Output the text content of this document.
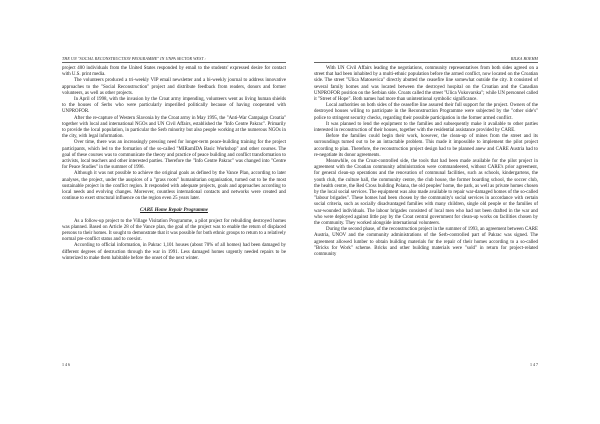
THE UN "SOCIAL RECONSTRUCTION PROGRAMME" IN UNPA SECTOR WEST :

project 400 individuals from the United States responded by email to the students' expressed desire for contact with U.S. print media.

The volunteers produced a tri-weekly VIP email newsletter and a bi-weekly journal to address innovative approaches to the "Social Reconstruction" project and distribute feedback from readers, donors and former volunteers, as well as other projects.

In April of 1998, with the invasion by the Croat army impending, volunteers went as living human shields to the houses of Serbs who were particularly imperilled politically because of having cooperated with UNPROFOR.

After the re-capture of Western Slavonia by the Croat army in May 1995, the "Anti-War Campaign Croatia" together with local and international NGOs and UN Civil Affairs, established the "Info Centre Pakrac". Primarily to provide the local population, in particular the Serb minority but also people working at the numerous NGOs in the city, with legal information.

Over time, there was an increasingly pressing need for longer-term peace-building training for the project participants, which led to the formation of the so-called "MIRamIDA Basic Workshop" and other courses. The goal of these courses was to communicate the theory and practice of peace building and conflict transformation to activists, local teachers and other interested parties. Therefore the "Info Centre Pakrac" was changed into "Centre for Peace Studies" in the summer of 1996.

Although it was not possible to achieve the original goals as defined by the Vance Plan, according to later analyses, the project, under the auspices of a "grass roots" humanitarian organisation, turned out to be the most sustainable project in the conflict region. It responded with adequate projects, goals and approaches according to local needs and evolving changes. Moreover, countless international contacts and networks were created and continue to exert structural influence on the region even 25 years later.

CARE Home Repair Programme

As a follow-up project to the Village Visitation Programme, a pilot project for rebuilding destroyed homes was planned. Based on Article 28 of the Vance plan, the goal of the project was to enable the return of displaced persons to their homes. It sought to demonstrate that it was possible for both ethnic groups to return to a relatively normal pre-conflict status and to coexist.

According to official information, in Pakrac 1,101 houses (about 70% of all homes) had been damaged by different degrees of destruction through the war in 1991. Less damaged homes urgently needed repairs to be winterized to make them habitable before the onset of the next winter.

1 4 6
RILKA BOEHM

With UN Civil Affairs leading the negotiations, community representatives from both sides agreed on a street that had been inhabited by a multi-ethnic population before the armed conflict, now located on the Croatian side. The street "Ulica Matosevica" directly abutted the ceasefire line somewhat outside the city. It consisted of several family homes and was located between the destroyed hospital on the Croatian and the Canadian UNPROFOR position on the Serbian side. Croats called the street "Ulica Vukovarska"; while UN personnel called it "Street of Hope". Both names had more than unintentional symbolic significance.

Local authorities on both sides of the ceasefire line assured their full support for the project. Owners of the destroyed houses willing to participate in the Reconstruction Programme were subjected by the "other side's" police to stringent security checks, regarding their possible participation in the former armed conflict.

It was planned to lend the equipment to the families and subsequently make it available to other parties interested in reconstruction of their houses, together with the residential assistance provided by CARE.

Before the families could begin their work, however, the clean-up of mines from the street and its surroundings turned out to be an intractable problem. This made it impossible to implement the pilot project according to plan. Therefore, the reconstruction project design had to be planned anew and CARE Austria had to re-negotiate its donor agreements.

Meanwhile, on the Croat-controlled side, the tools that had been made available for the pilot project in agreement with the Croatian community administration were commandeered, without CARE's prior agreement, for general clean-up operations and the renovation of communal facilities, such as schools, kindergartens, the youth club, the culture hall, the community centre, the club house, the former boarding school, the soccer club, the health centre, the Red Cross building Polana, the old peoples' home, the park, as well as private homes chosen by the local social services. The equipment was also made available to repair war-damaged homes of the so-called "labour brigades". These homes had been chosen by the community's social services in accordance with certain social criteria, such as socially disadvantaged families with many children, single old people or the families of war-wounded individuals. The labour brigades consisted of local men who had not been drafted in the war and who were deployed against little pay by the Croat central government for clean-up works on facilities chosen by the community. They worked alongside international volunteers.

During the second phase, of the reconstruction project in the summer of 1993, an agreement between CARE Austria, UNOV and the community administrations of the Serb-controlled part of Pakrac was signed. The agreement allowed lumber to obtain building materials for the repair of their homes according to a so-called "Bricks for Work" scheme. Bricks and other building materials were "sold" in return for project-related community

1 4 7
